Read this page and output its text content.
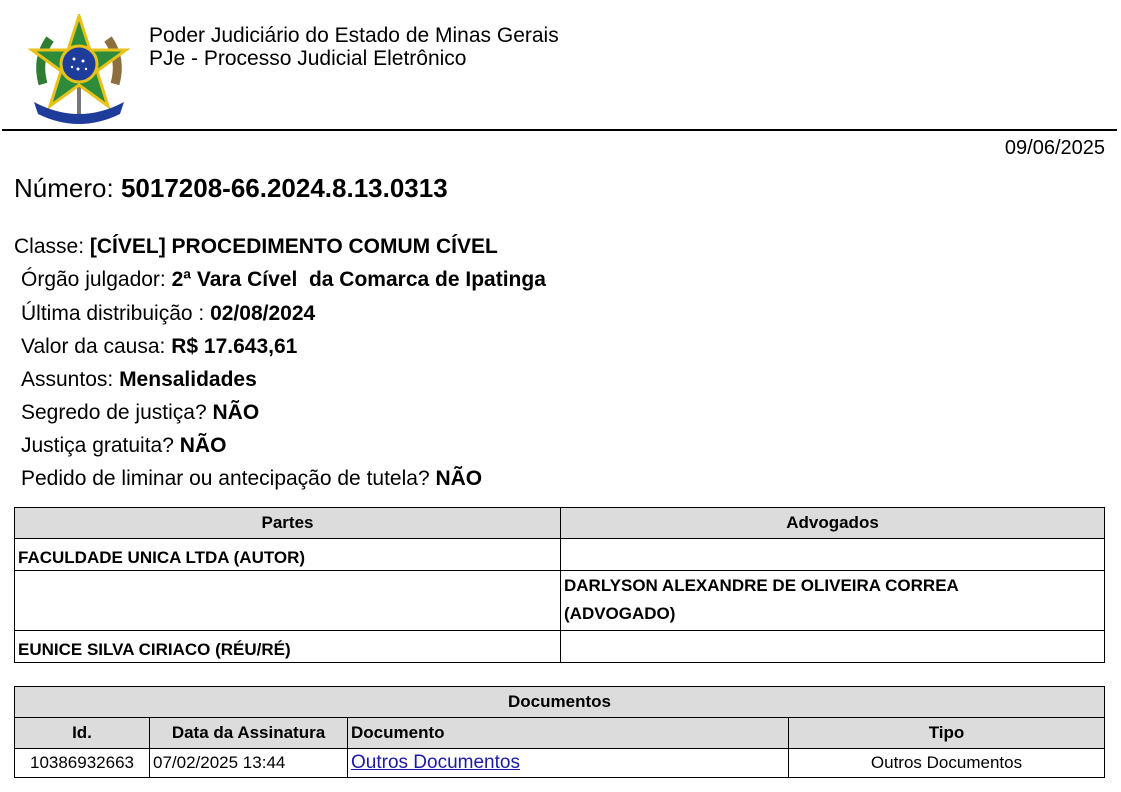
Poder Judiciário do Estado de Minas Gerais
PJe - Processo Judicial Eletrônico
09/06/2025
Número: 5017208-66.2024.8.13.0313
Classe: [CÍVEL] PROCEDIMENTO COMUM CÍVEL
Órgão julgador: 2ª Vara Cível  da Comarca de Ipatinga
Última distribuição : 02/08/2024
Valor da causa: R$ 17.643,61
Assuntos: Mensalidades
Segredo de justiça? NÃO
Justiça gratuita? NÃO
Pedido de liminar ou antecipação de tutela? NÃO
Partes	Advogados
FACULDADE UNICA LTDA (AUTOR)	
	DARLYSON ALEXANDRE DE OLIVEIRA CORREA (ADVOGADO)
EUNICE SILVA CIRIACO (RÉU/RÉ)	
Documentos			
Id.	Data da Assinatura	Documento	Tipo
10386932663	07/02/2025 13:44	Outros Documentos	Outros Documentos
